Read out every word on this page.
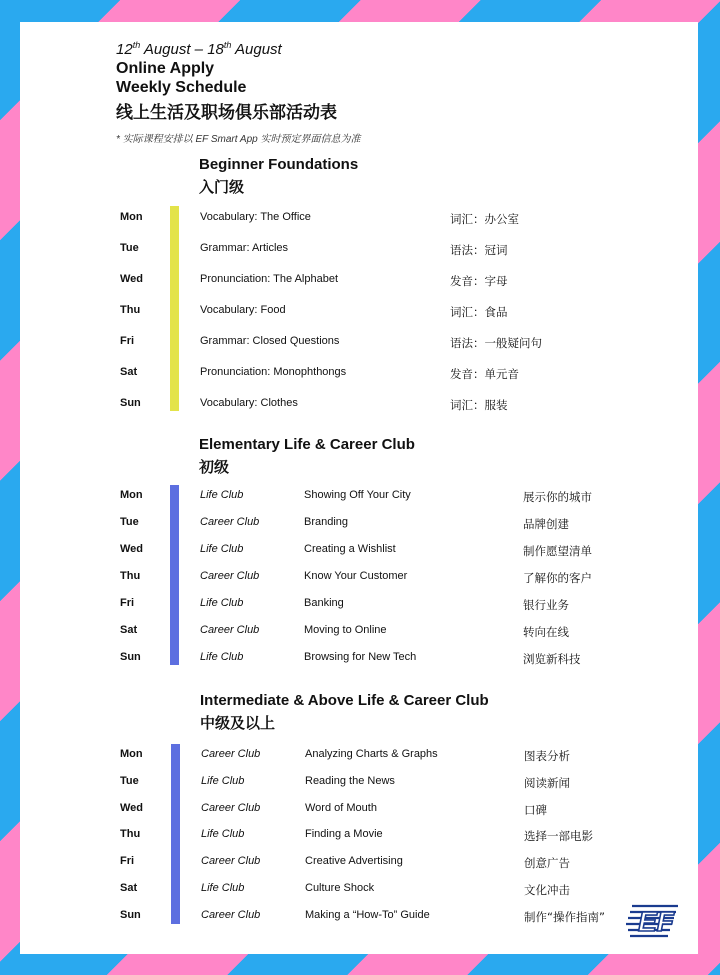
12th August – 18th August
Online Apply
Weekly Schedule
线上生活及职场俱乐部活动表
* 实际课程安排以 EF Smart App 实时预定界面信息为准
Beginner Foundations
入门级
Mon	Vocabulary: The Office	词汇：办公室
Tue	Grammar: Articles	语法：冠词
Wed	Pronunciation: The Alphabet	发音：字母
Thu	Vocabulary: Food	词汇：食品
Fri	Grammar: Closed Questions	语法：一般疑问句
Sat	Pronunciation: Monophthongs	发音：单元音
Sun	Vocabulary: Clothes	词汇：服装
Elementary Life & Career Club
初级
Mon	Life Club	Showing Off Your City	展示你的城市
Tue	Career Club	Branding	品牌创建
Wed	Life Club	Creating a Wishlist	制作愿望清单
Thu	Career Club	Know Your Customer	了解你的客户
Fri	Life Club	Banking	银行业务
Sat	Career Club	Moving to Online	转向在线
Sun	Life Club	Browsing for New Tech	浏览新科技
Intermediate & Above Life & Career Club
中级及以上
Mon	Career Club	Analyzing Charts & Graphs	图表分析
Tue	Life Club	Reading the News	阅读新闻
Wed	Career Club	Word of Mouth	口碑
Thu	Life Club	Finding a Movie	选择一部电影
Fri	Career Club	Creative Advertising	创意广告
Sat	Life Club	Culture Shock	文化冲击
Sun	Career Club	Making a “How-To” Guide	制作“操作指南” EF
